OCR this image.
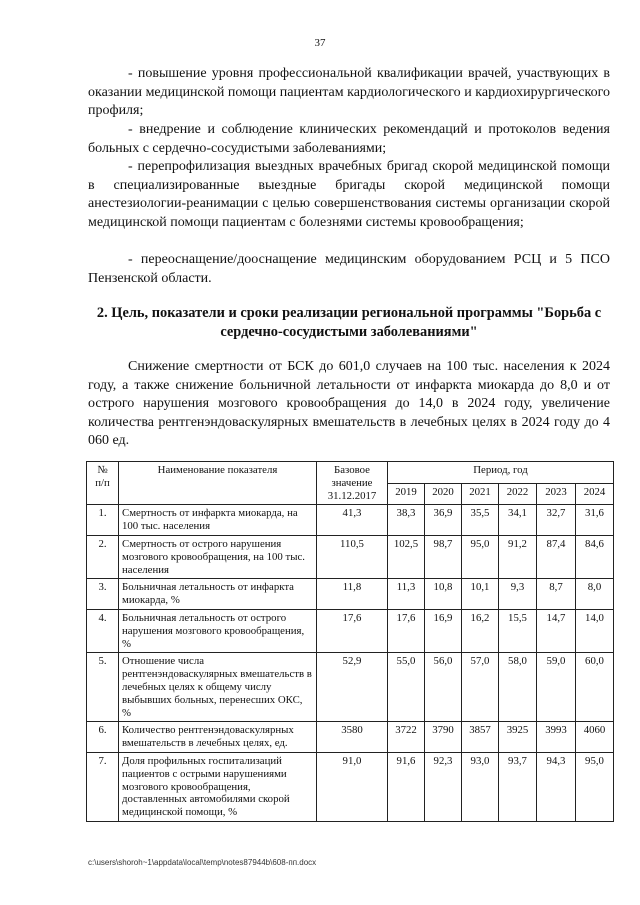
37

- повышение уровня профессиональной квалификации врачей, участвующих в оказании медицинской помощи пациентам кардиологического и кардиохирургического профиля;

- внедрение и соблюдение клинических рекомендаций и протоколов ведения больных с сердечно-сосудистыми заболеваниями;

- перепрофилизация выездных врачебных бригад скорой медицинской помощи в специализированные выездные бригады скорой медицинской помощи анестезиологии-реанимации с целью совершенствования системы организации скорой медицинской помощи пациентам с болезнями системы кровообращения;

- переоснащение/дооснащение медицинским оборудованием РСЦ и 5 ПСО Пензенской области.

2. Цель, показатели и сроки реализации региональной программы "Борьба с сердечно-сосудистыми заболеваниями"

Снижение смертности от БСК до 601,0 случаев на 100 тыс. населения к 2024 году, а также снижение больничной летальности от инфаркта миокарда до 8,0 и от острого нарушения мозгового кровообращения до 14,0 в 2024 году, увеличение количества рентгенэндоваскулярных вмешательств в лечебных целях в 2024 году до 4 060 ед.

№
п/п	Наименование показателя	Базовое значение 31.12.2017	Период, год					
			2019	2020	2021	2022	2023	2024
1.	Смертность от инфаркта миокарда, на 100 тыс. населения	41,3	38,3	36,9	35,5	34,1	32,7	31,6
2.	Смертность от острого нарушения мозгового кровообращения, на 100 тыс. населения	110,5	102,5	98,7	95,0	91,2	87,4	84,6
3.	Больничная летальность от инфаркта миокарда, %	11,8	11,3	10,8	10,1	9,3	8,7	8,0
4.	Больничная летальность от острого нарушения мозгового кровообращения, %	17,6	17,6	16,9	16,2	15,5	14,7	14,0
5.	Отношение числа рентгенэндоваскулярных вмешательств в лечебных целях к общему числу выбывших больных, перенесших ОКС, %	52,9	55,0	56,0	57,0	58,0	59,0	60,0
6.	Количество рентгенэндоваскулярных вмешательств в лечебных целях, ед.	3580	3722	3790	3857	3925	3993	4060
7.	Доля профильных госпитализаций пациентов с острыми нарушениями мозгового кровообращения, доставленных автомобилями скорой медицинской помощи, %	91,0	91,6	92,3	93,0	93,7	94,3	95,0
c:\users\shoroh~1\appdata\local\temp\notes87944b\608-пп.docx
